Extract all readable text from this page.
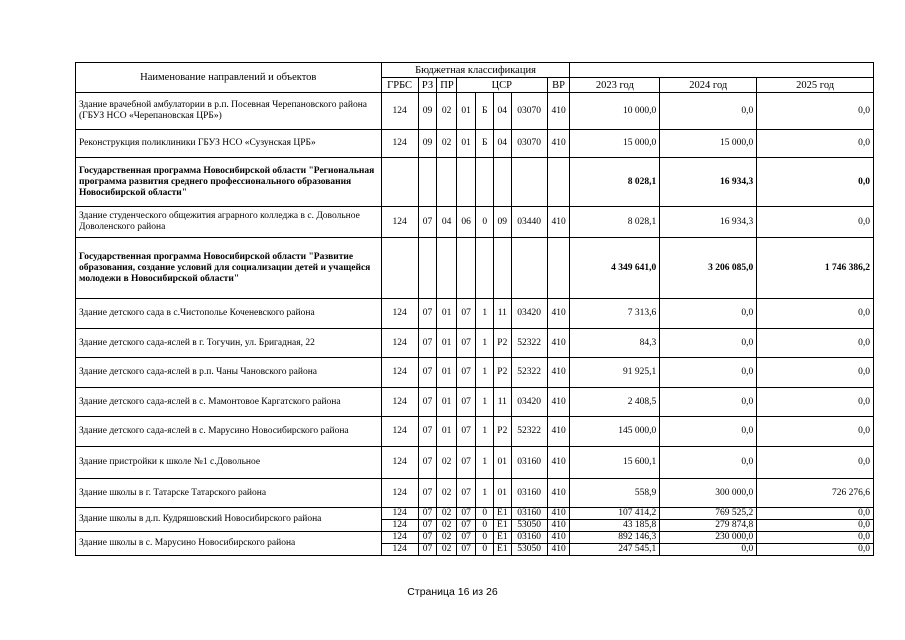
Наименование направлений и объектов	Бюджетная классификация										
	ГРБС	РЗ	ПР	ЦСР				ВР	2023 год	2024 год	2025 год
Здание врачебной амбулатории в р.п. Посевная Черепановского района (ГБУЗ НСО «Черепановская ЦРБ»)	124	09	02	01	Б	04	03070	410	10 000,0	0,0	0,0
Реконструкция поликлиники ГБУЗ НСО «Сузунская ЦРБ»	124	09	02	01	Б	04	03070	410	15 000,0	15 000,0	0,0
Государственная программа Новосибирской области "Региональная программа развития среднего профессионального образования Новосибирской области"									8 028,1	16 934,3	0,0
Здание студенческого общежития аграрного колледжа в с. Довольное Доволенского района	124	07	04	06	0	09	03440	410	8 028,1	16 934,3	0,0
Государственная программа Новосибирской области "Развитие образования, создание условий для социализации детей и учащейся молодежи в Новосибирской области"									4 349 641,0	3 206 085,0	1 746 386,2
Здание детского сада в с.Чистополье Коченевского района	124	07	01	07	1	11	03420	410	7 313,6	0,0	0,0
Здание детского сада-яслей в г. Тогучин, ул. Бригадная, 22	124	07	01	07	1	P2	52322	410	84,3	0,0	0,0
Здание детского сада-яслей в р.п. Чаны Чановского района	124	07	01	07	1	P2	52322	410	91 925,1	0,0	0,0
Здание детского сада-яслей в с. Мамонтовое Каргатского района	124	07	01	07	1	11	03420	410	2 408,5	0,0	0,0
Здание детского сада-яслей в с. Марусино Новосибирского района	124	07	01	07	1	P2	52322	410	145 000,0	0,0	0,0
Здание пристройки к школе №1 с.Довольное	124	07	02	07	1	01	03160	410	15 600,1	0,0	0,0
Здание школы в г. Татарске Татарского района	124	07	02	07	1	01	03160	410	558,9	300 000,0	726 276,6
Здание школы в д.п. Кудряшовский Новосибирского района	124	07	02	07	0	E1	03160	410	107 414,2	769 525,2	0,0
	124	07	02	07	0	E1	53050	410	43 185,8	279 874,8	0,0
Здание школы в с. Марусино Новосибирского района	124	07	02	07	0	E1	03160	410	892 146,3	230 000,0	0,0
	124	07	02	07	0	E1	53050	410	247 545,1	0,0	0,0
Страница 16 из 26
